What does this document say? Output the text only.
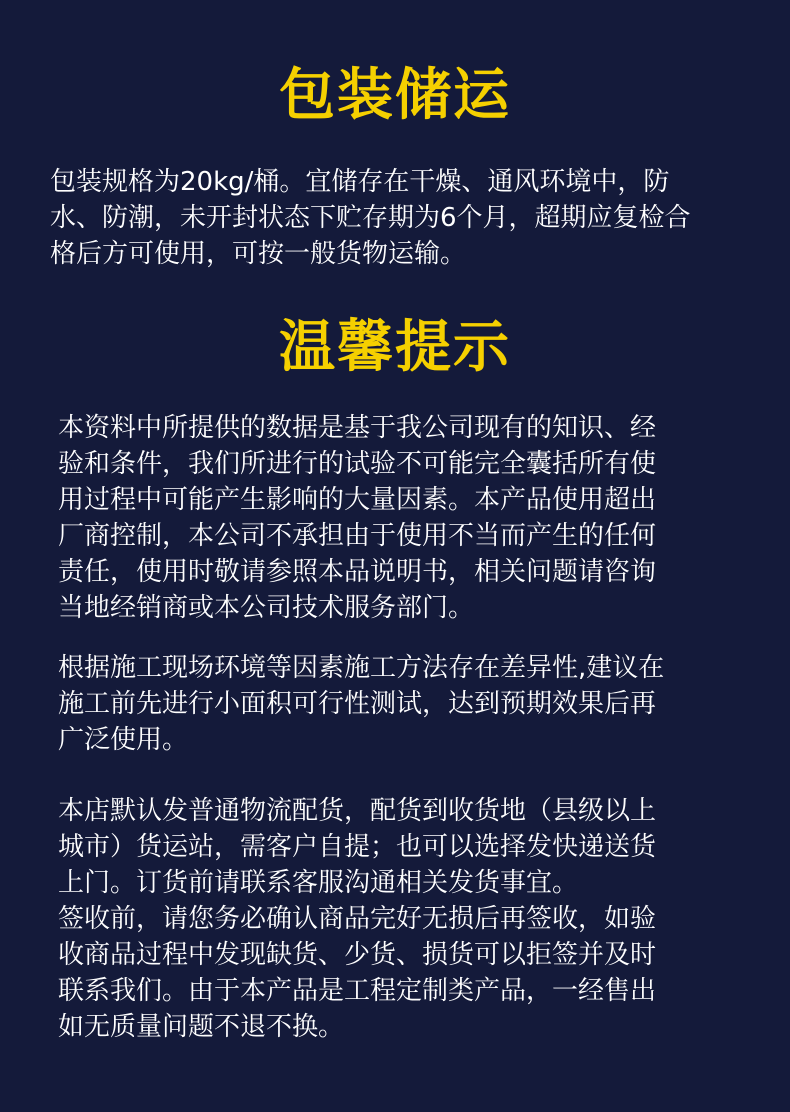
包装储运

包装规格为20kg/桶。宜储存在干燥、通风环境中，防
水、防潮，未开封状态下贮存期为6个月，超期应复检合
格后方可使用，可按一般货物运输。

温馨提示

本资料中所提供的数据是基于我公司现有的知识、经
验和条件，我们所进行的试验不可能完全囊括所有使
用过程中可能产生影响的大量因素。本产品使用超出
厂商控制，本公司不承担由于使用不当而产生的任何
责任，使用时敬请参照本品说明书，相关问题请咨询
当地经销商或本公司技术服务部门。

根据施工现场环境等因素施工方法存在差异性,建议在
施工前先进行小面积可行性测试，达到预期效果后再
广泛使用。

本店默认发普通物流配货，配货到收货地（县级以上
城市）货运站，需客户自提；也可以选择发快递送货
上门。订货前请联系客服沟通相关发货事宜。
签收前，请您务必确认商品完好无损后再签收，如验
收商品过程中发现缺货、少货、损货可以拒签并及时
联系我们。由于本产品是工程定制类产品，一经售出
如无质量问题不退不换。
